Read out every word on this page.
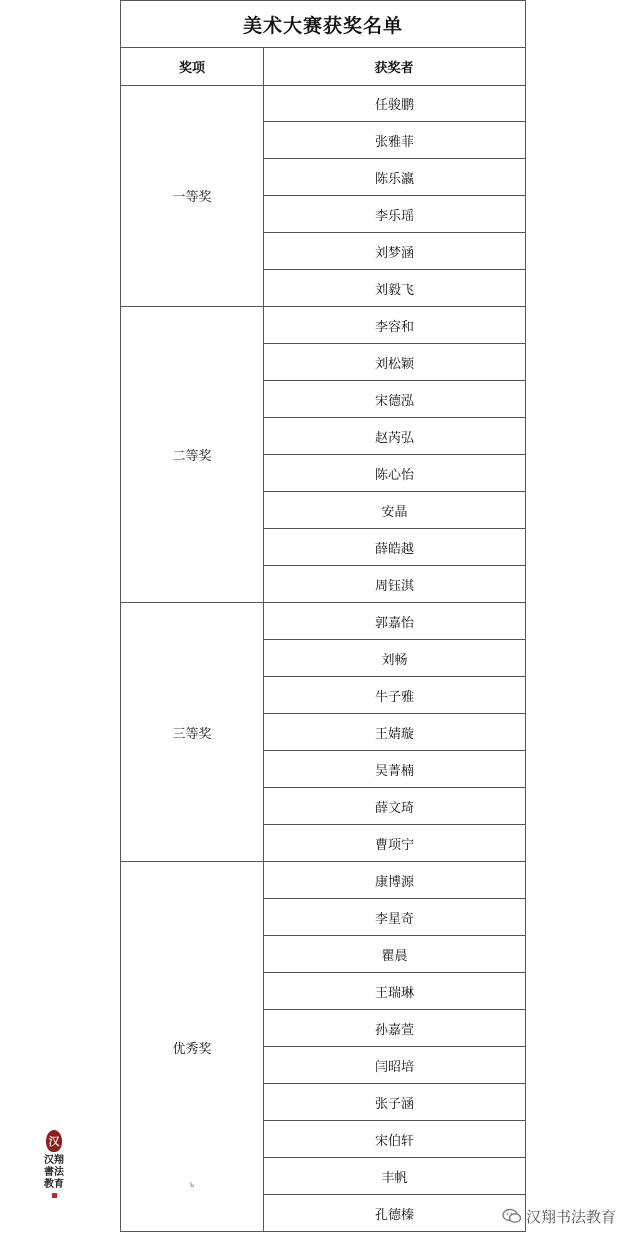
美术大赛获奖名单
奖项	获奖者
一等奖
任骏鹏
张雅菲
陈乐瀛
李乐瑶
刘梦涵
刘毅飞
二等奖
李容和
刘松颖
宋德泓
赵芮弘
陈心怡
安晶
薛皓越
周钰淇
三等奖
郭嘉怡
刘畅
牛子雅
王婧璇
吴菁楠
薛文琦
曹项宁
优秀奖
康博源
李星奇
瞿晨
王瑞琳
孙嘉萱
闫昭培
张子涵
宋伯轩
丰帆
孔德榛
汉
汉翔書法教育	ъ
汉翔书法教育
